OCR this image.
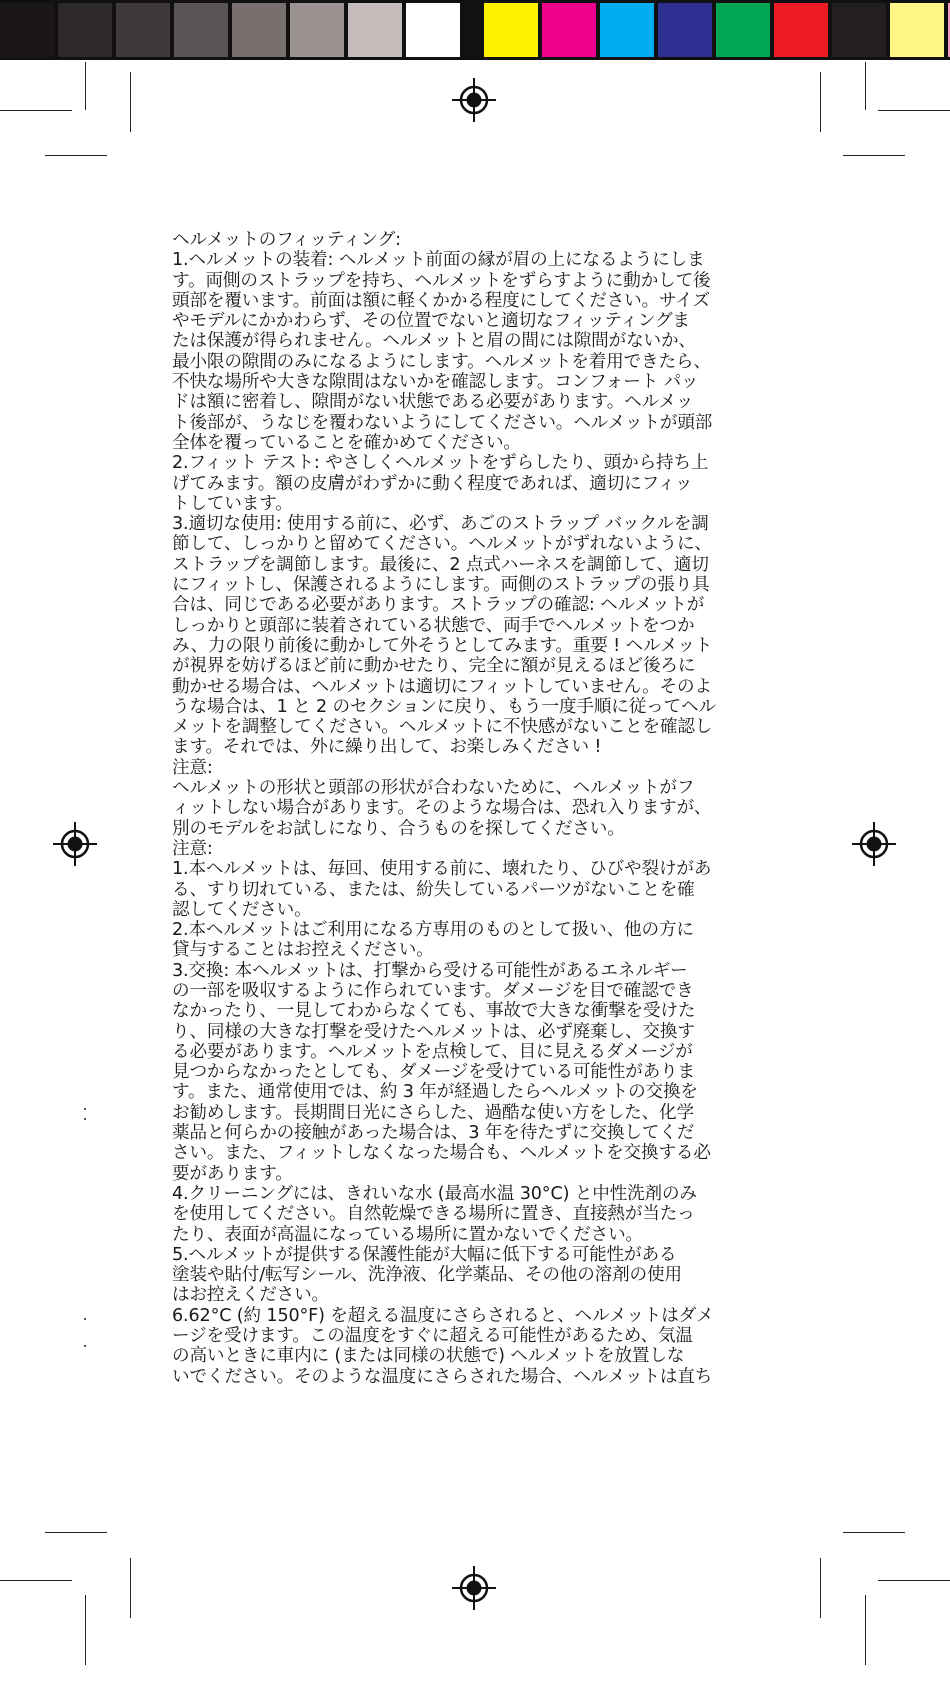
ヘルメットのフィッティング:

1.ヘルメットの装着: ヘルメット前面の縁が眉の上になるようにしま

す。両側のストラップを持ち、ヘルメットをずらすように動かして後

頭部を覆います。前面は額に軽くかかる程度にしてください。サイズ

やモデルにかかわらず、その位置でないと適切なフィッティングま

たは保護が得られません。ヘルメットと眉の間には隙間がないか、

最小限の隙間のみになるようにします。ヘルメットを着用できたら、

不快な場所や大きな隙間はないかを確認します。コンフォート パッ

ドは額に密着し、隙間がない状態である必要があります。ヘルメッ

ト後部が、うなじを覆わないようにしてください。ヘルメットが頭部

全体を覆っていることを確かめてください。

2.フィット テスト: やさしくヘルメットをずらしたり、頭から持ち上

げてみます。額の皮膚がわずかに動く程度であれば、適切にフィッ

トしています。

3.適切な使用: 使用する前に、必ず、あごのストラップ バックルを調

節して、しっかりと留めてください。ヘルメットがずれないように、

ストラップを調節します。最後に、2 点式ハーネスを調節して、適切

にフィットし、保護されるようにします。両側のストラップの張り具

合は、同じである必要があります。ストラップの確認: ヘルメットが

しっかりと頭部に装着されている状態で、両手でヘルメットをつか

み、力の限り前後に動かして外そうとしてみます。重要 ! ヘルメット

が視界を妨げるほど前に動かせたり、完全に額が見えるほど後ろに

動かせる場合は、ヘルメットは適切にフィットしていません。そのよ

うな場合は、1 と 2 のセクションに戻り、もう一度手順に従ってヘル

メットを調整してください。ヘルメットに不快感がないことを確認し

ます。それでは、外に繰り出して、お楽しみください !

注意:

ヘルメットの形状と頭部の形状が合わないために、ヘルメットがフ

ィットしない場合があります。そのような場合は、恐れ入りますが、

別のモデルをお試しになり、合うものを探してください。

注意:

1.本ヘルメットは、毎回、使用する前に、壊れたり、ひびや裂けがあ

る、すり切れている、または、紛失しているパーツがないことを確

認してください。

2.本ヘルメットはご利用になる方専用のものとして扱い、他の方に

貸与することはお控えください。

3.交換: 本ヘルメットは、打撃から受ける可能性があるエネルギー

の一部を吸収するように作られています。ダメージを目で確認でき

なかったり、一見してわからなくても、事故で大きな衝撃を受けた

り、同様の大きな打撃を受けたヘルメットは、必ず廃棄し、交換す

る必要があります。ヘルメットを点検して、目に見えるダメージが

見つからなかったとしても、ダメージを受けている可能性がありま

す。また、通常使用では、約 3 年が経過したらヘルメットの交換を

お勧めします。長期間日光にさらした、過酷な使い方をした、化学

薬品と何らかの接触があった場合は、3 年を待たずに交換してくだ

さい。また、フィットしなくなった場合も、ヘルメットを交換する必

要があります。

4.クリーニングには、きれいな水 (最高水温 30°C) と中性洗剤のみ

を使用してください。自然乾燥できる場所に置き、直接熱が当たっ

たり、表面が高温になっている場所に置かないでください。

5.ヘルメットが提供する保護性能が大幅に低下する可能性がある

塗装や貼付/転写シール、洗浄液、化学薬品、その他の溶剤の使用

はお控えください。

6.62°C (約 150°F) を超える温度にさらされると、ヘルメットはダメ

ージを受けます。この温度をすぐに超える可能性があるため、気温

の高いときに車内に (または同様の状態で) ヘルメットを放置しな

いでください。そのような温度にさらされた場合、ヘルメットは直ち
